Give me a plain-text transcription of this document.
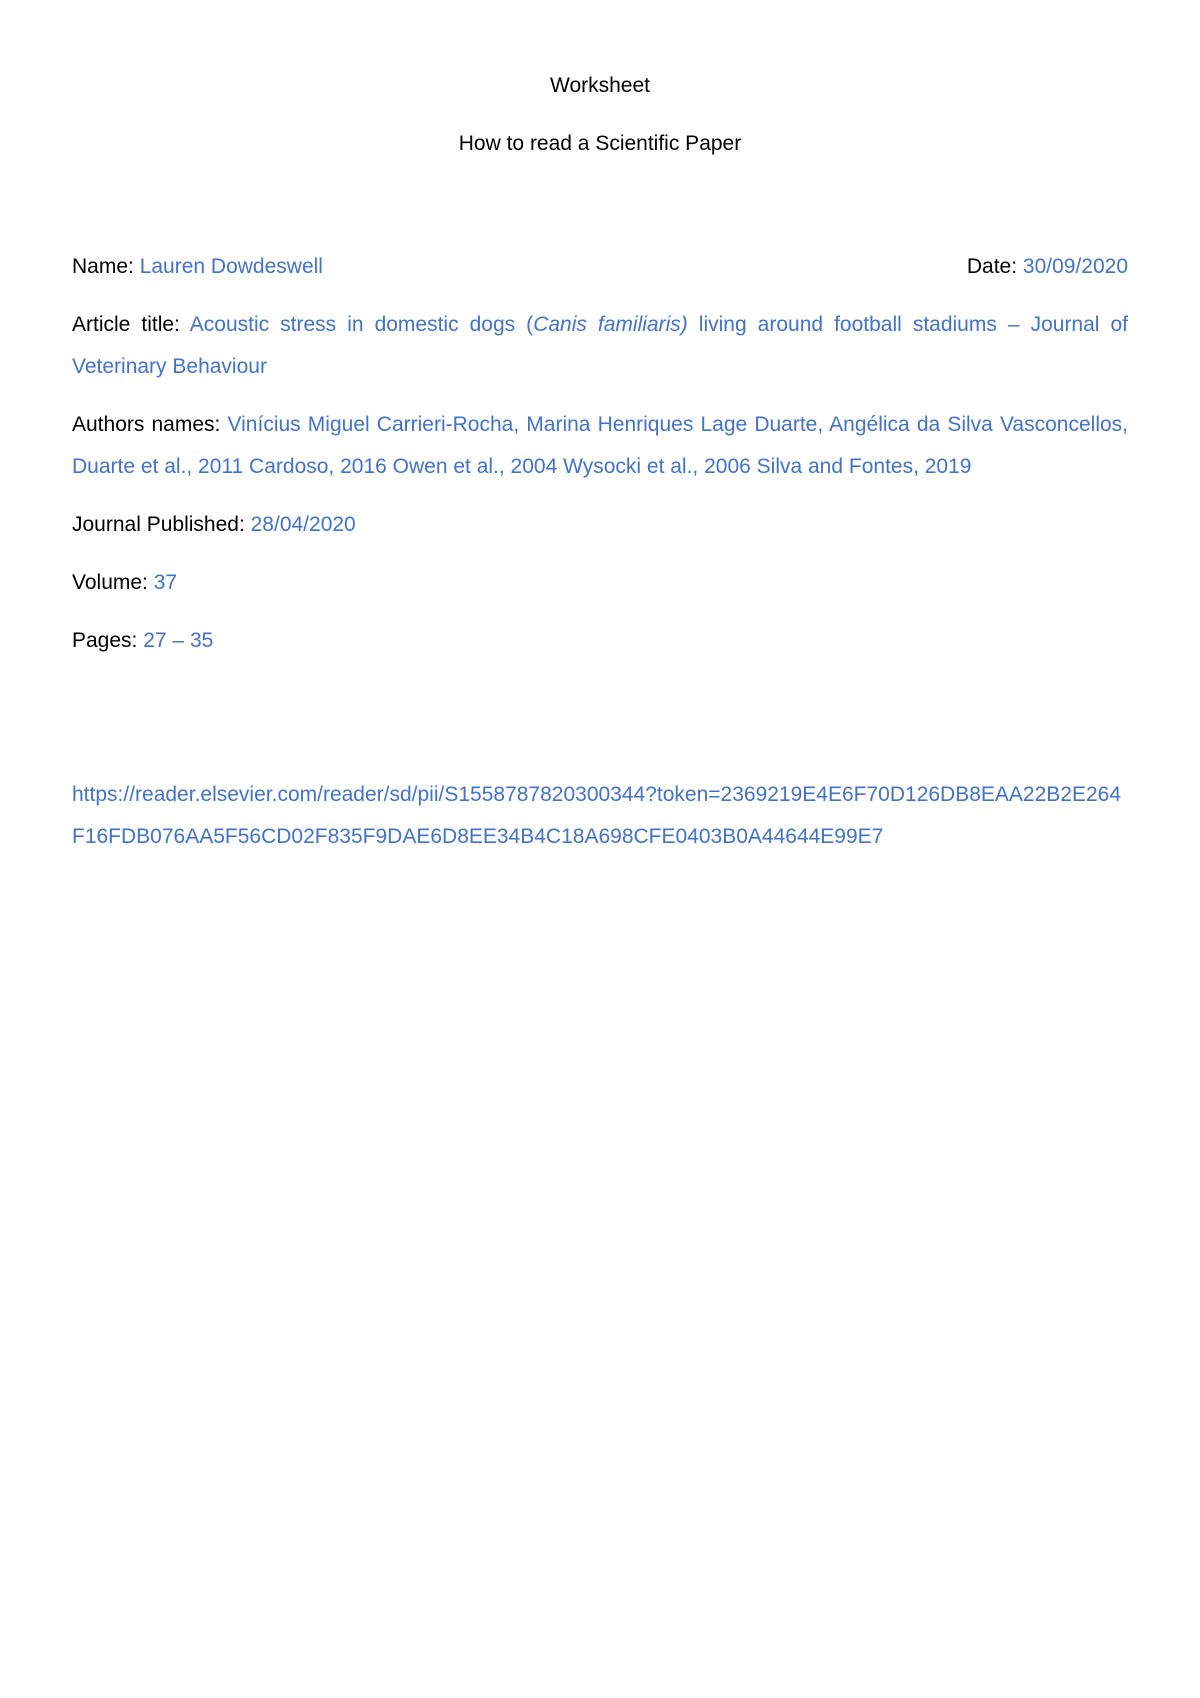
Worksheet
How to read a Scientific Paper
Name: Lauren Dowdeswell	Date: 30/09/2020
Article title: Acoustic stress in domestic dogs (Canis familiaris) living around football stadiums – Journal of Veterinary Behaviour
Authors names: Vinícius Miguel Carrieri-Rocha, Marina Henriques Lage Duarte, Angélica da Silva Vasconcellos, Duarte et al., 2011 Cardoso, 2016 Owen et al., 2004 Wysocki et al., 2006 Silva and Fontes, 2019
Journal Published: 28/04/2020
Volume: 37
Pages: 27 – 35
https://reader.elsevier.com/reader/sd/pii/S1558787820300344?token=2369219E4E6F70D126DB8EAA22B2E264F16FDB076AA5F56CD02F835F9DAE6D8EE34B4C18A698CFE0403B0A44644E99E7
